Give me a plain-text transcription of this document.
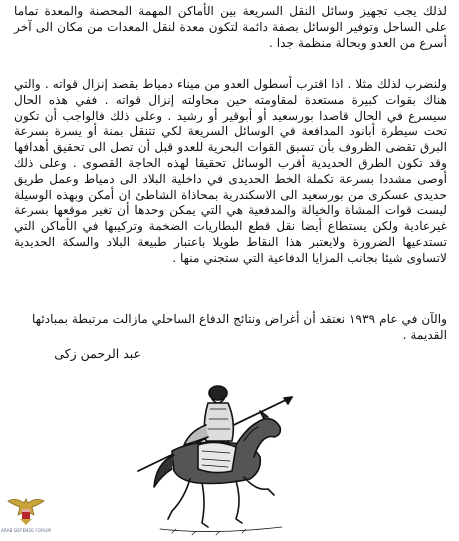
لذلك يجب تجهيز وسائل النقل السريعة بين الأماكن المهمة المحصنة والمعدة تماما على الساحل وتوفير الوسائل بصفة دائمة لتكون معدة لنقل المعدات من مكان الى آخر أسرع من العدو وبحالة منظمة جدا .

ولنضرب لذلك مثلا . اذا اقترب أسطول العدو من ميناء دمياط بقصد إنزال قواته . والتي هناك بقوات كبيرة مستعدة لمقاومته حين محاولته إنزال قواته . ففي هذه الحال سيسرع في الحال قاصدا بورسعيد أو أبوقير أو رشيد . وعلى ذلك فالواجب أن تكون تحت سيطرة أبانود المدافعة في الوسائل السريعة لكي تتنقل بمنة أو يسرة بسرعة البرق تقضى الظروف بأن تسبق القوات البحرية للعدو قبل أن تصل الى تحقيق أهدافها وقد تكون الطرق الحديدية أقرب الوسائل تحقيقا لهذه الحاجة القصوى . وعلى ذلك أوصى مشددا بسرعة تكملة الخط الحديدى في داخلية البلاد الى دمياط وعمل طريق حديدى عسكرى من بورسعيد الى الاسكندرية بمحاذاة الشاطئ ان أمكن وبهذه الوسيلة ليست قوات المشاة والخيالة والمدفعية هي التي يمكن وحدها أن تغير موقعها بسرعة غيرعادية ولكن يستطاع أيضا نقل قطع البطاريات الضخمة وتركيبها في الأماكن التي تستدعيها الضرورة ولايعتبر هذا النقاط طويلا باعتبار طبيعة البلاد والسكة الحديدية لاتساوى شيئا بجانب المزايا الدفاعية التي ستجني منها .

والآن في عام ١٩٣٩ نعتقد أن أغراض ونتائج الدفاع الساحلي مازالت مرتبطة بمبادئها القديمة .

عبد الرحمن زكى
ARAB DEFENSE FORUM
